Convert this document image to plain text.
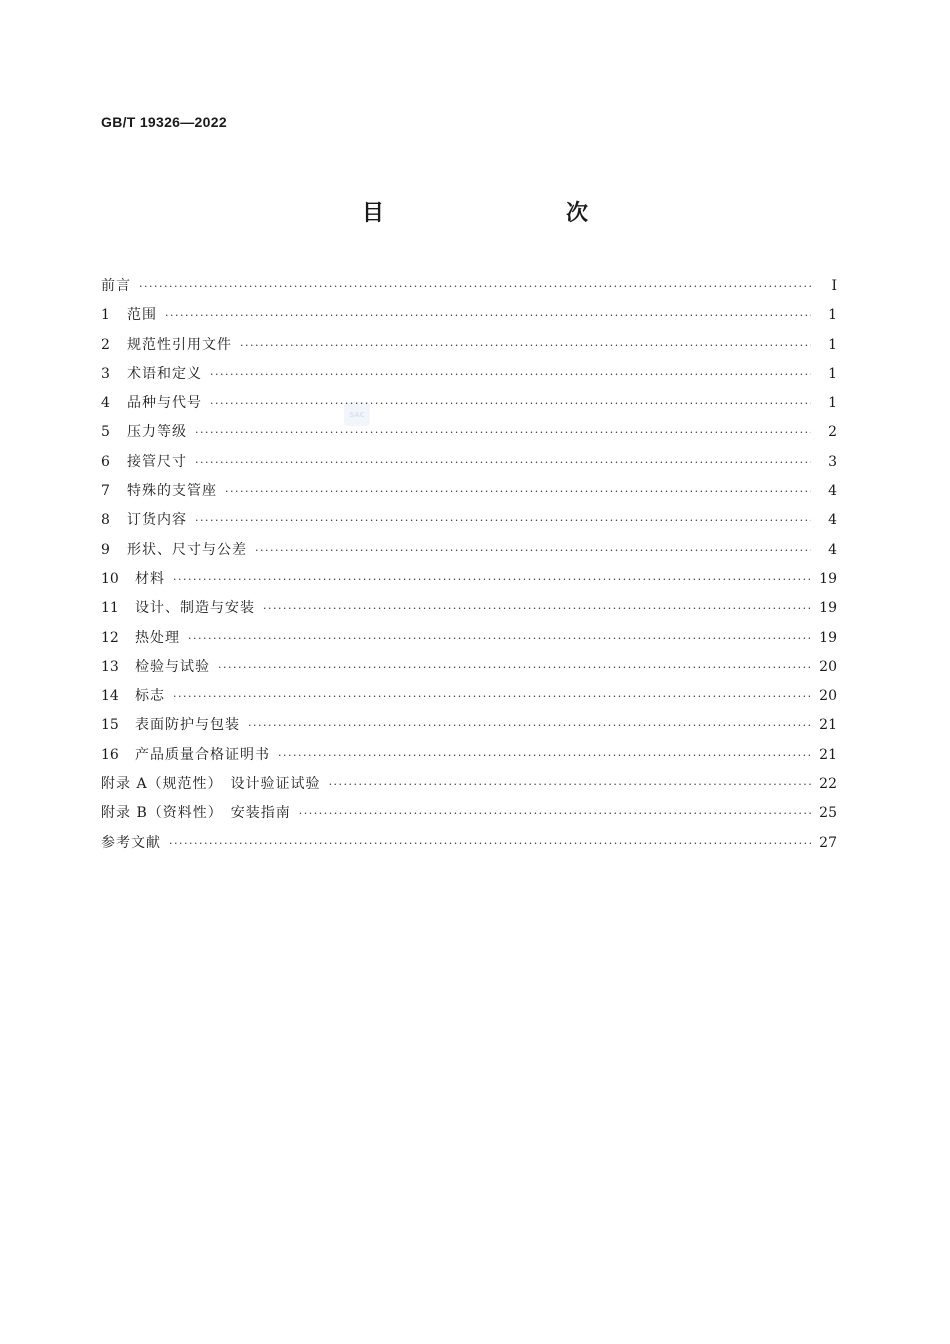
GB/T 19326—2022
目　　次
SAC
前言 ·····	Ⅰ
1	范围 ·····	1
2	规范性引用文件 ·····	1
3	术语和定义 ·····	1
4	品种与代号 ·····	1
5	压力等级 ·····	2
6	接管尺寸 ·····	3
7	特殊的支管座 ·····	4
8	订货内容 ·····	4
9	形状、尺寸与公差 ·····	4
10	材料 ·····	19
11	设计、制造与安装 ·····	19
12	热处理 ·····	19
13	检验与试验 ·····	20
14	标志 ·····	20
15	表面防护与包装 ·····	21
16	产品质量合格证明书 ·····	21
附录 A（规范性）　设计验证试验 ·····	22
附录 B（资料性）　安装指南 ·····	25
参考文献 ·····	27
